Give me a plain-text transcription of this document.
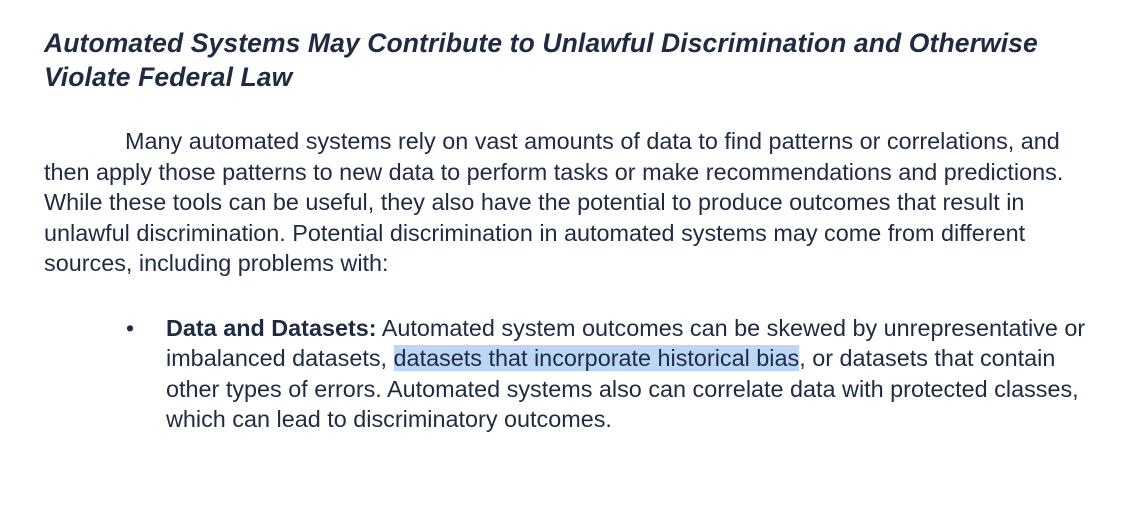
Automated Systems May Contribute to Unlawful Discrimination and Otherwise Violate Federal Law

Many automated systems rely on vast amounts of data to find patterns or correlations, and then apply those patterns to new data to perform tasks or make recommendations and predictions. While these tools can be useful, they also have the potential to produce outcomes that result in unlawful discrimination. Potential discrimination in automated systems may come from different sources, including problems with:

• Data and Datasets: Automated system outcomes can be skewed by unrepresentative or imbalanced datasets, datasets that incorporate historical bias, or datasets that contain other types of errors. Automated systems also can correlate data with protected classes, which can lead to discriminatory outcomes.
